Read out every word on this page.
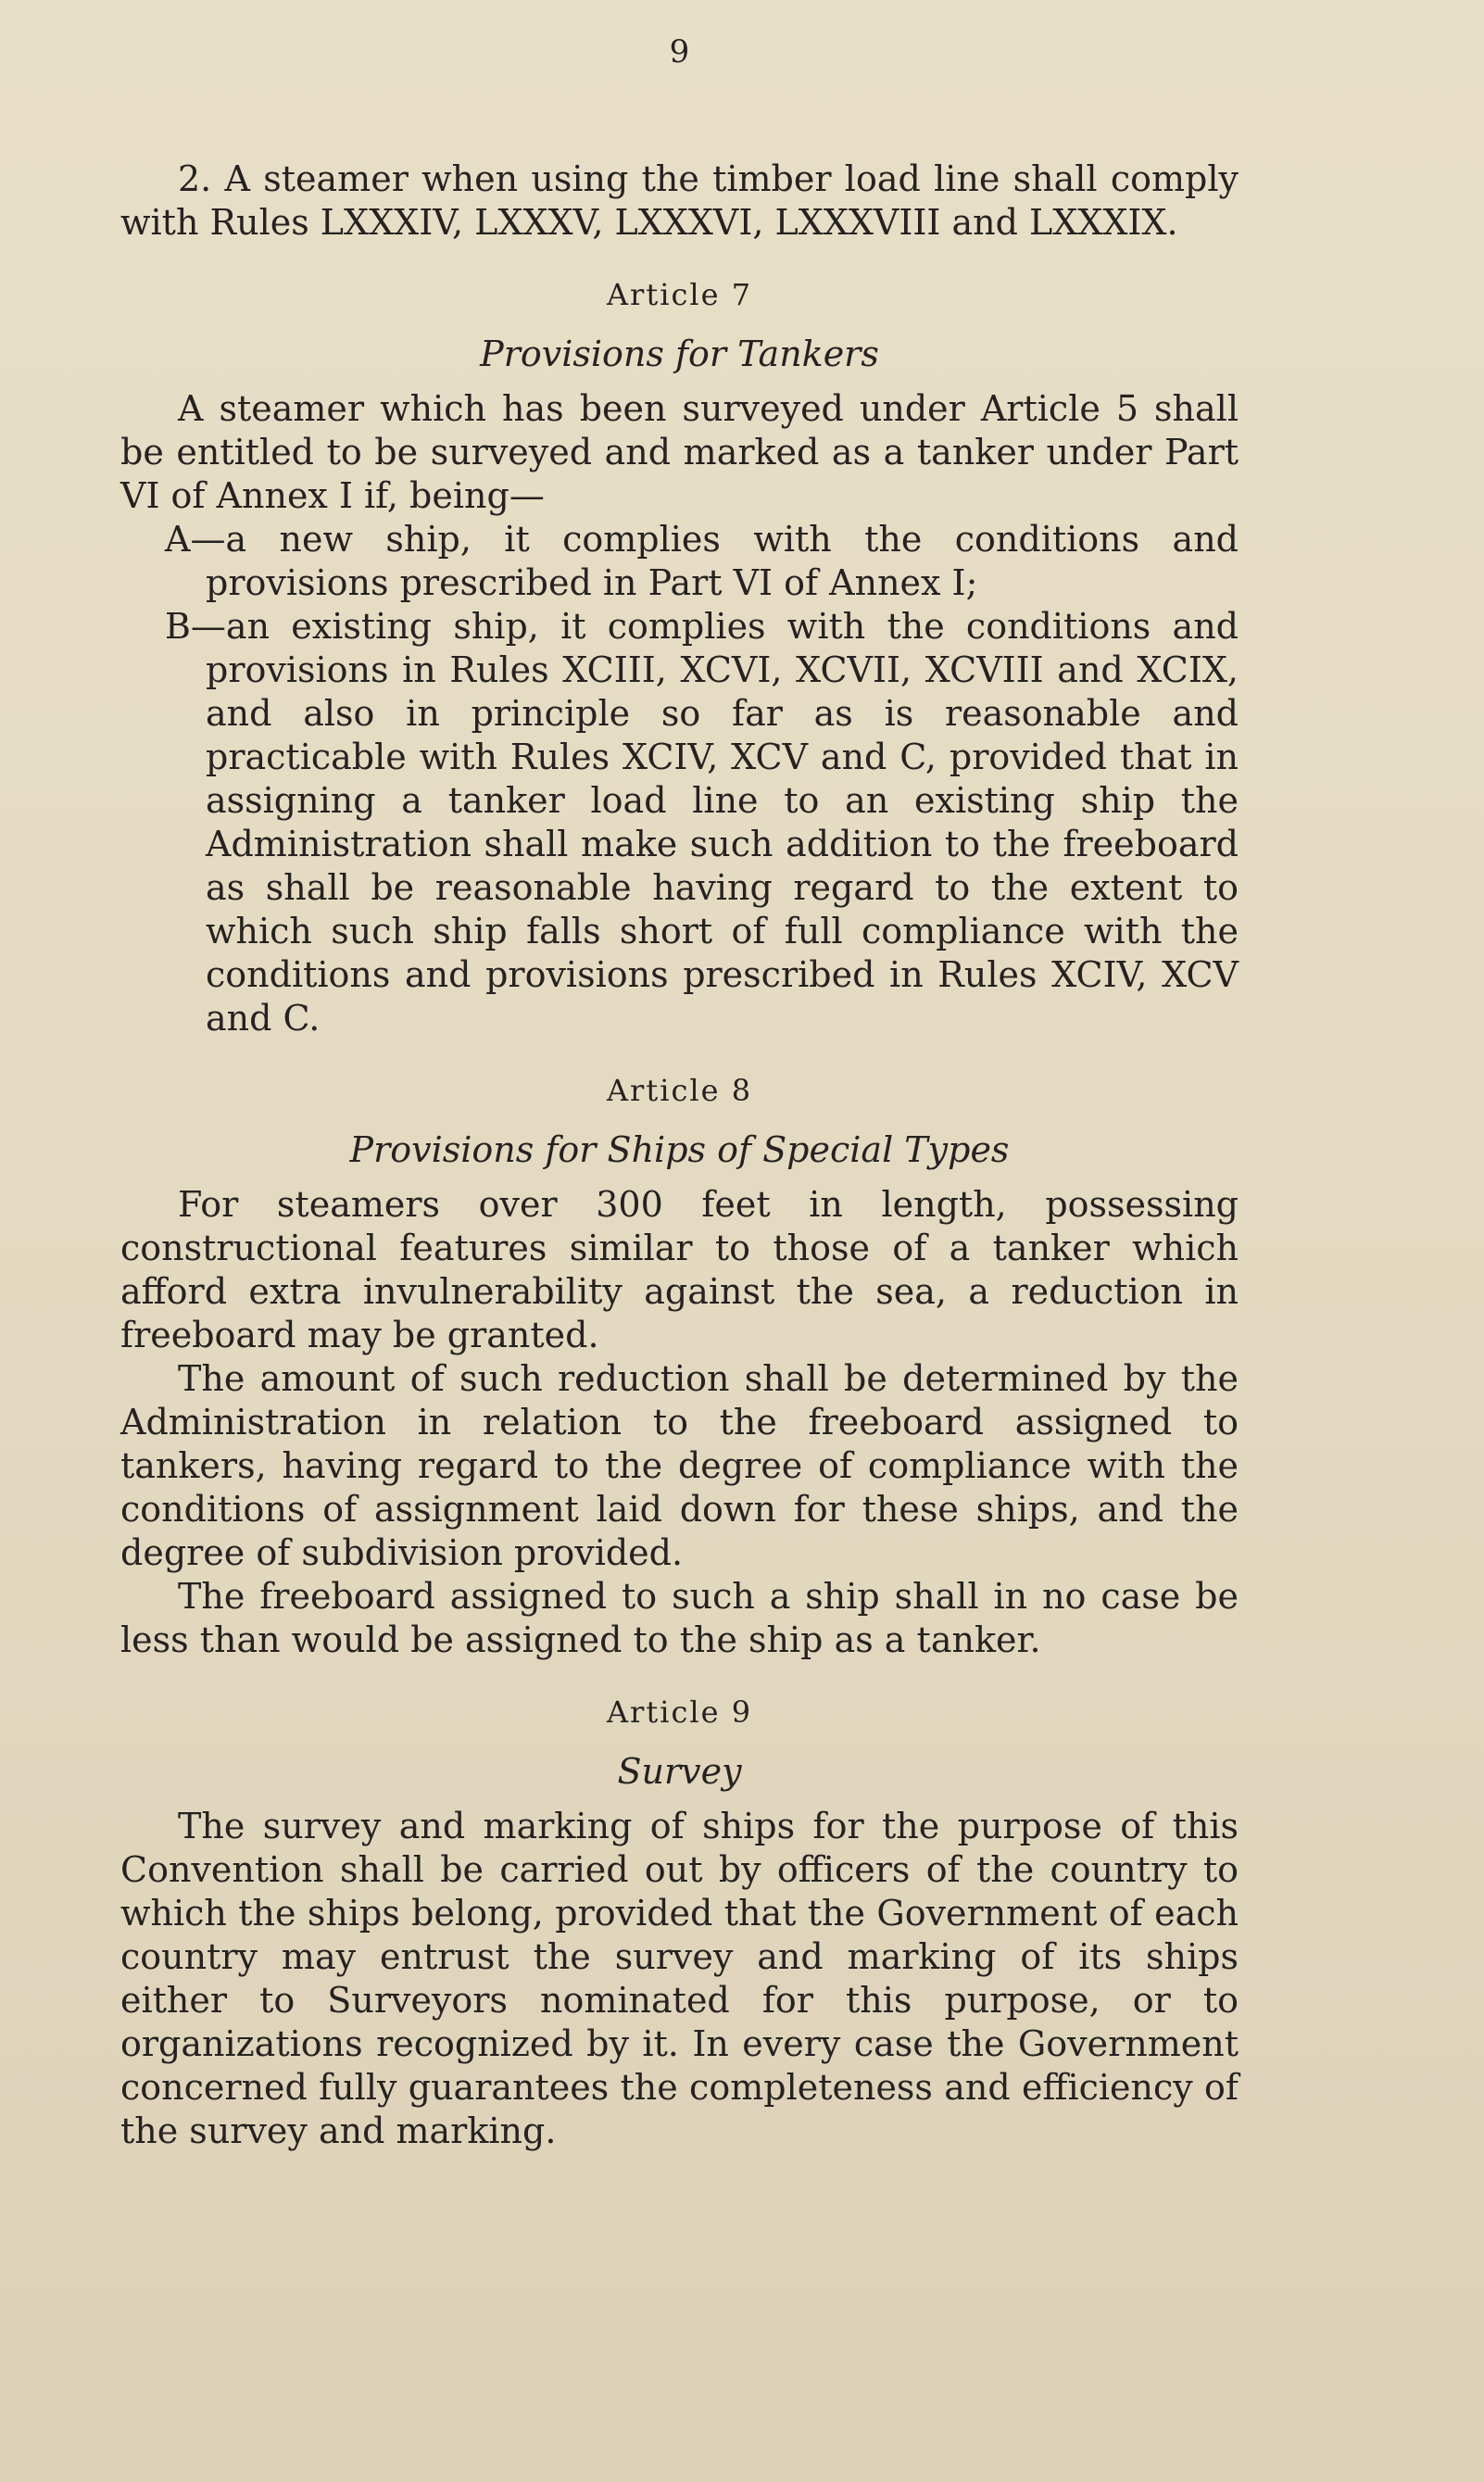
9

2. A steamer when using the timber load line shall comply with Rules LXXXIV, LXXXV, LXXXVI, LXXXVIII and LXXXIX.

Article 7
Provisions for Tankers

A steamer which has been surveyed under Article 5 shall be entitled to be surveyed and marked as a tanker under Part VI of Annex I if, being—

A—a new ship, it complies with the conditions and provisions prescribed in Part VI of Annex I;

B—an existing ship, it complies with the conditions and provisions in Rules XCIII, XCVI, XCVII, XCVIII and XCIX, and also in principle so far as is reasonable and practicable with Rules XCIV, XCV and C, provided that in assigning a tanker load line to an existing ship the Administration shall make such addition to the freeboard as shall be reasonable having regard to the extent to which such ship falls short of full compliance with the conditions and provisions prescribed in Rules XCIV, XCV and C.

Article 8
Provisions for Ships of Special Types

For steamers over 300 feet in length, possessing constructional features similar to those of a tanker which afford extra invulnerability against the sea, a reduction in freeboard may be granted.

The amount of such reduction shall be determined by the Administration in relation to the freeboard assigned to tankers, having regard to the degree of compliance with the conditions of assignment laid down for these ships, and the degree of subdivision provided.

The freeboard assigned to such a ship shall in no case be less than would be assigned to the ship as a tanker.

Article 9
Survey

The survey and marking of ships for the purpose of this Convention shall be carried out by officers of the country to which the ships belong, provided that the Government of each country may entrust the survey and marking of its ships either to Surveyors nominated for this purpose, or to organizations recognized by it. In every case the Government concerned fully guarantees the completeness and efficiency of the survey and marking.
